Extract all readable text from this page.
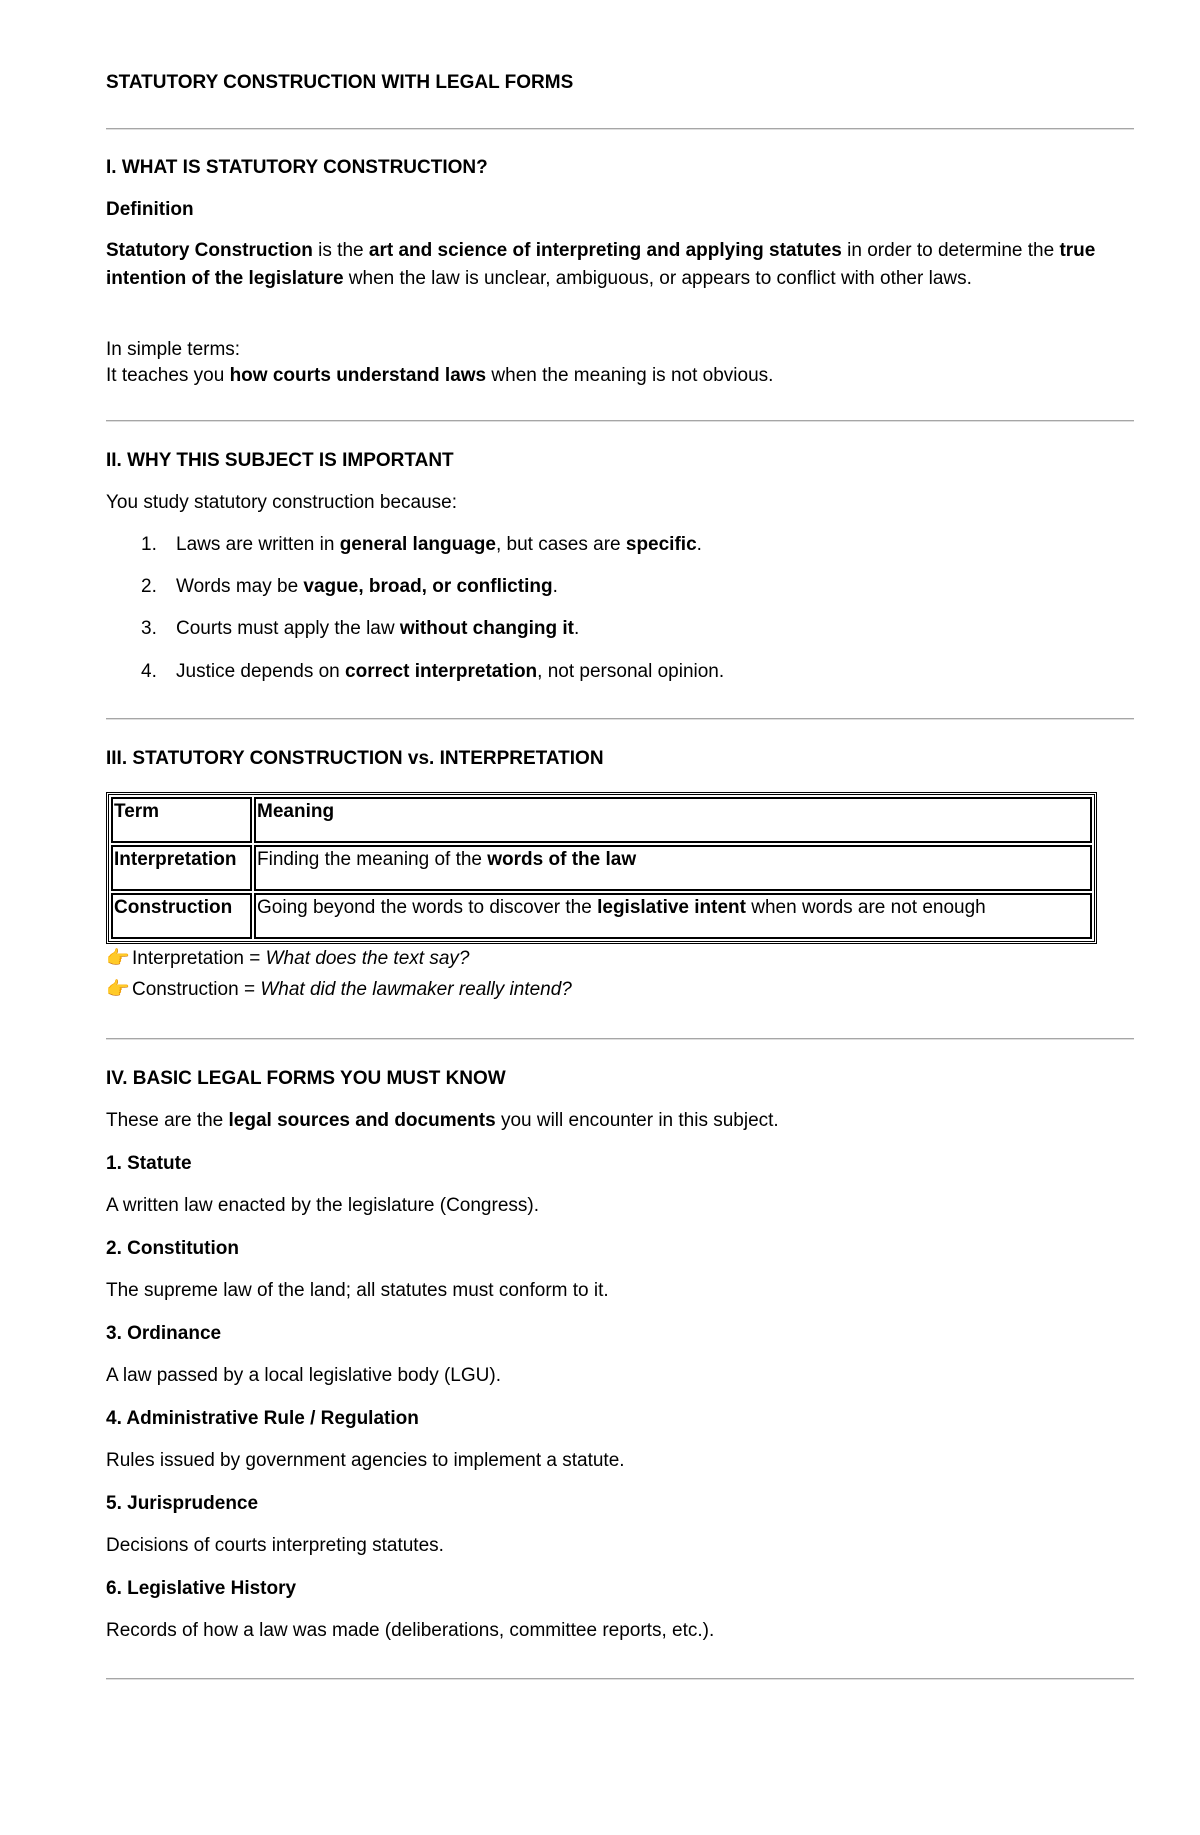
STATUTORY CONSTRUCTION WITH LEGAL FORMS
I. WHAT IS STATUTORY CONSTRUCTION?
Definition

Statutory Construction is the art and science of interpreting and applying statutes in order to determine the true intention of the legislature when the law is unclear, ambiguous, or appears to conflict with other laws.

In simple terms:

It teaches you how courts understand laws when the meaning is not obvious.

II. WHY THIS SUBJECT IS IMPORTANT

You study statutory construction because:

1. Laws are written in general language, but cases are specific.
2. Words may be vague, broad, or conflicting.
3. Courts must apply the law without changing it.
4. Justice depends on correct interpretation, not personal opinion.
III. STATUTORY CONSTRUCTION vs. INTERPRETATION
Term	Meaning
Interpretation	Finding the meaning of the words of the law
Construction	Going beyond the words to discover the legislative intent when words are not enough

👉 Interpretation = What does the text say?

👉 Construction = What did the lawmaker really intend?

IV. BASIC LEGAL FORMS YOU MUST KNOW

These are the legal sources and documents you will encounter in this subject.

1. Statute

A written law enacted by the legislature (Congress).

2. Constitution

The supreme law of the land; all statutes must conform to it.

3. Ordinance

A law passed by a local legislative body (LGU).

4. Administrative Rule / Regulation

Rules issued by government agencies to implement a statute.

5. Jurisprudence

Decisions of courts interpreting statutes.

6. Legislative History

Records of how a law was made (deliberations, committee reports, etc.).
